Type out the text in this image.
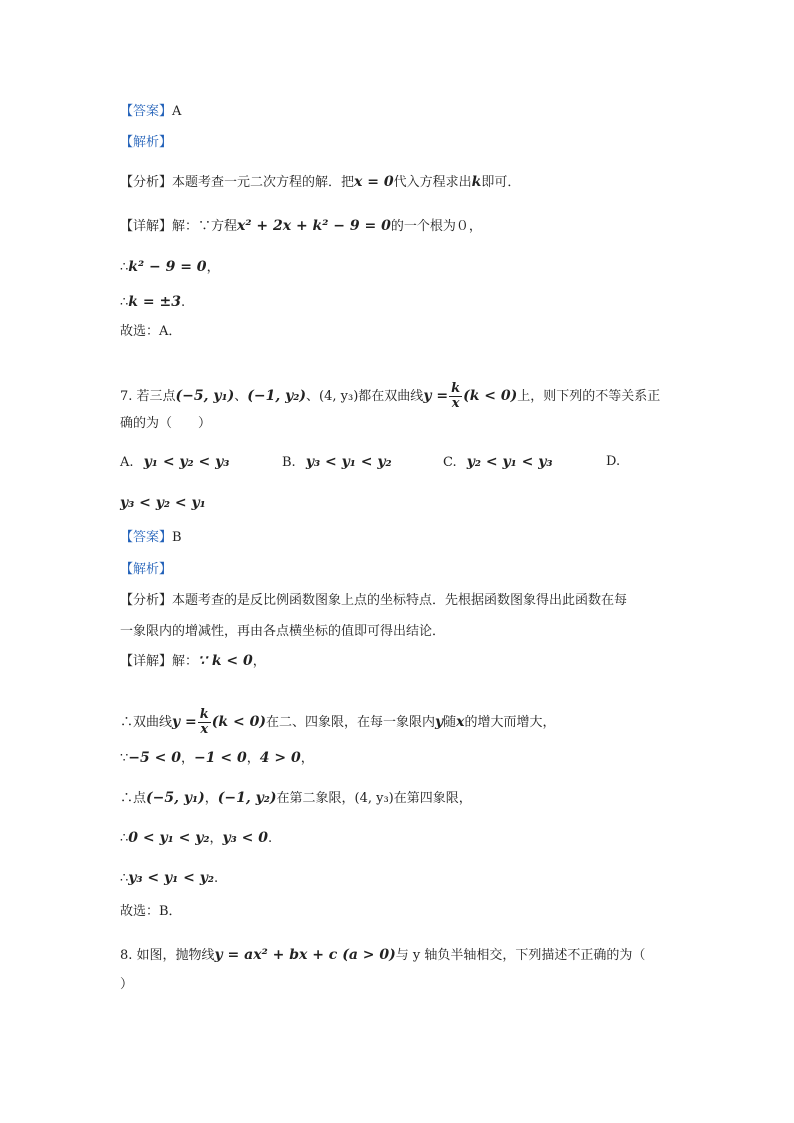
【答案】A
【解析】
【分析】本题考查一元二次方程的解．把x = 0代入方程求出k即可．
【详解】解：∵方程x² + 2x + k² − 9 = 0的一个根为０，
∴k² − 9 = 0，
∴k = ±3.
故选：A．
7. 若三点(−5, y₁)、(−1, y₂)、(4, y₃)都在双曲线$y = \frac{k}{x} (k < 0)$上，则下列的不等关系正
确的为（　　）
A. y₁ < y₂ < y₃	B. y₃ < y₁ < y₂	C. y₂ < y₁ < y₃	D.
y₃ < y₂ < y₁
【答案】B
【解析】
【分析】本题考查的是反比例函数图象上点的坐标特点．先根据函数图象得出此函数在每
一象限内的增减性，再由各点横坐标的值即可得出结论．
【详解】解：∵ k < 0，
∴双曲线$y = \frac{k}{x} (k < 0)$在二、四象限，在每一象限内y随x的增大而增大，
∵−5 < 0，−1 < 0，4 > 0，
∴点(−5, y₁)，(−1, y₂)在第二象限，(4, y₃)在第四象限，
∴0 < y₁ < y₂，y₃ < 0.
∴y₃ < y₁ < y₂.
故选：B．
8. 如图，抛物线y = ax² + bx + c (a > 0)与 y 轴负半轴相交，下列描述不正确的为（
）
